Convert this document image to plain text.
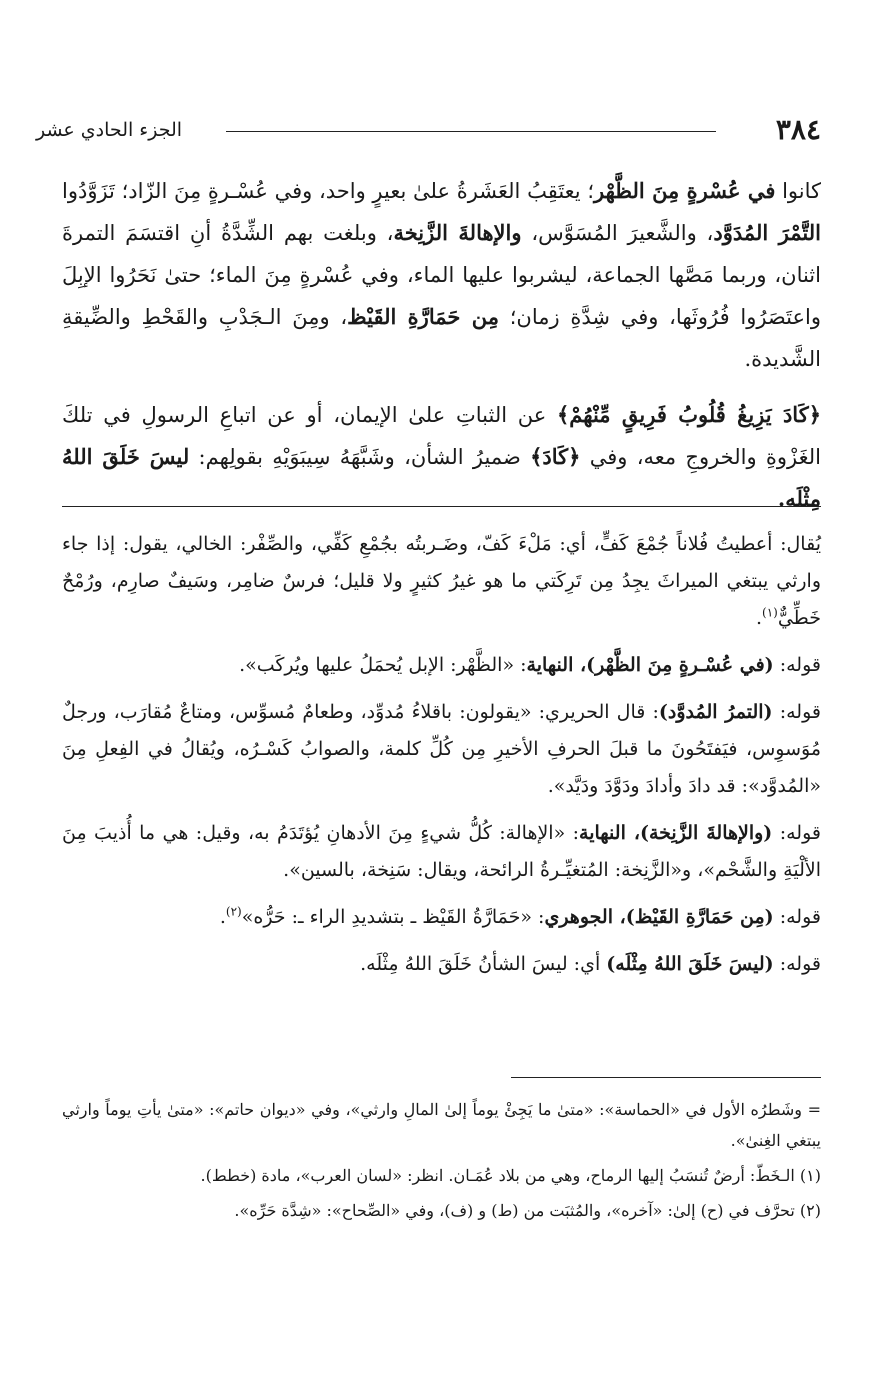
٣٨٤
الجزء الحادي عشر

كانوا في عُسْرةٍ مِنَ الظَّهْر؛ يعتَقِبُ العَشَرةُ علىٰ بعيرٍ واحد، وفي عُسْـرةٍ مِنَ الزّاد؛ تَزَوَّدُوا التَّمْرَ المُدَوَّد، والشَّعيرَ المُسَوَّس، والإهالةَ الزَّنِخة، وبلغت بهم الشِّدَّةُ أنِ اقتسَمَ التمرةَ اثنان، وربما مَصَّها الجماعة، ليشربوا عليها الماء، وفي عُسْرةٍ مِنَ الماء؛ حتىٰ نَحَرُوا الإبِلَ واعتَصَرُوا فُرُوثَها، وفي شِدَّةِ زمان؛ مِن حَمَارَّةِ القَيْظ، ومِنَ الـجَدْبِ والقَحْطِ والضِّيقةِ الشَّديدة.

﴿كَادَ يَزِيغُ قُلُوبُ فَرِيقٍ مِّنْهُمْ﴾ عن الثباتِ علىٰ الإيمان، أو عن اتباعِ الرسولِ في تلكَ الغَزْوةِ والخروجِ معه، وفي ﴿كَادَ﴾ ضميرُ الشأن، وشَبَّهَهُ سِيبَوَيْهِ بقولِهم: ليسَ خَلَقَ اللهُ مِثْلَه.

يُقال: أعطيتُ فُلاناً جُمْعَ كَفٍّ، أي: مَلْءَ كَفّ، وضَـربتُه بجُمْعِ كَفِّي، والصِّفْر: الخالي، يقول: إذا جاء وارثي يبتغي الميراثَ يجِدُ مِن تَرِكَتي ما هو غيرُ كثيرٍ ولا قليل؛ فرسٌ ضامِر، وسَيفٌ صارِم، ورُمْحٌ خَطِّيٌّ$^{(١)}$.

قوله: (في عُسْـرةٍ مِنَ الظَّهْر)، النهاية: «الظَّهْر: الإبل يُحمَلُ عليها ويُركَب».

قوله: (التمرُ المُدوَّد): قال الحريري: «يقولون: باقلاءُ مُدوِّد، وطعامٌ مُسوِّس، ومتاعٌ مُقارَب، ورجلٌ مُوَسوِس، فيَفتَحُونَ ما قبلَ الحرفِ الأخيرِ مِن كُلِّ كلمة، والصوابُ كَسْـرُه، ويُقالُ في الفِعلِ مِنَ «المُدوَّد»: قد دادَ وأدادَ ودَوَّدَ ودَيَّد».

قوله: (والإهالةَ الزَّنِخة)، النهاية: «الإهالة: كُلُّ شيءٍ مِنَ الأدهانِ يُؤتَدَمُ به، وقيل: هي ما أُذيبَ مِنَ الألْيَةِ والشَّحْم»، و«الزَّنِخة: المُتغيِّـرةُ الرائحة، ويقال: سَنِخة، بالسين».

قوله: (مِن حَمَارَّةِ القَيْظ)، الجوهري: «حَمَارَّةُ القَيْظ ـ بتشديدِ الراء ـ: حَرُّه»$^{(٢)}$.

قوله: (ليسَ خَلَقَ اللهُ مِثْلَه) أي: ليسَ الشأنُ خَلَقَ اللهُ مِثْلَه.

= وشَطرُه الأول في «الحماسة»: «متىٰ ما يَجِئْ يوماً إلىٰ المالِ وارثي»، وفي «ديوان حاتم»: «متىٰ يأتِ يوماً وارثي يبتغي الغِنىٰ».

(١) الـخَطّ: أرضٌ تُنسَبُ إليها الرماح، وهي من بلاد عُمَـان. انظر: «لسان العرب»، مادة (خطط).

(٢) تحرَّف في (ح) إلىٰ: «آخره»، والمُثبَت من (ط) و (ف)، وفي «الصِّحاح»: «شِدَّة حَرِّه».
